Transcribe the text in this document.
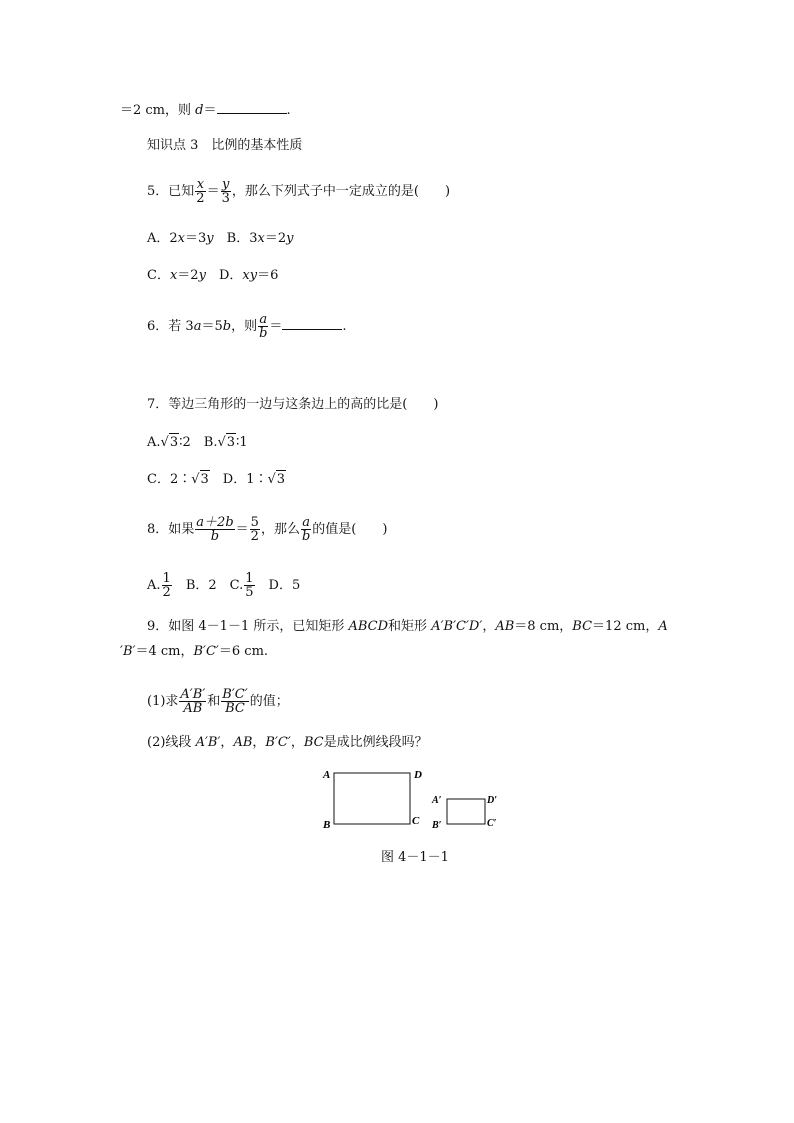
＝2 cm，则 d＝	.
知识点 3　比例的基本性质
5．已知 $\frac{x}{2} = \frac{y}{3}$ ，那么下列式子中一定成立的是(　　)
A．2x＝3y　B．3x＝2y
C．x＝2y　D．xy＝6
6．若 3a＝5b，则 $\frac{a}{b}$ ＝	.
7．等边三角形的一边与这条边上的高的比是(　　)
A.√3∶2　B.√3∶1
C．2∶√3　D．1∶√3
8．如果 $\frac{a+2b}{b} = \frac{5}{2}$ ，那么 $\frac{a}{b}$ 的值是(　　)
A. $\frac{1}{2}$ 　B．2　C. $\frac{1}{5}$ 　D．5
9．如图 4－1－1 所示，已知矩形 ABCD和矩形 A′B′C′D′，AB＝8 cm，BC＝12 cm，A
′B′＝4 cm，B′C′＝6 cm.
(1)求 $\frac{A'B'}{AB}$ 和 $\frac{B'C'}{BC}$ 的值；
(2)线段 A′B′，AB，B′C′，BC是成比例线段吗？
A
B	C
D
A′
B′	C′
D′
图 4－1－1
